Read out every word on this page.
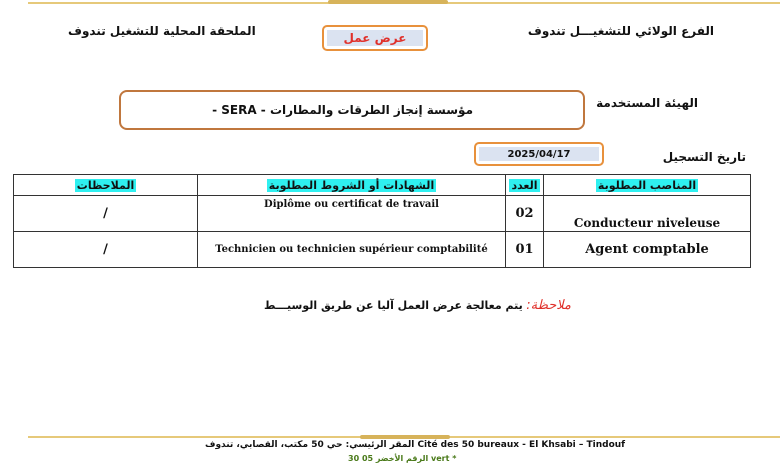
الفرع الولائي للتشغيـــل تندوف
الملحقة المحلية للتشغيل تندوف	عرض عمل
الهيئة المستخدمة
مؤسسة إنجاز الطرقات والمطارات - SERA -
تاريخ التسجيل
2025/04/17
الملاحظات	الشهادات أو الشروط المطلوبة	العدد	المناصب المطلوبة
/	Diplôme ou certificat de travail	02	Conducteur niveleuse
/	Technicien ou technicien supérieur comptabilité	01	Agent comptable
ملاحظة: يتم معالجة عرض العمل آليا عن طريق الوسيـــط
المقر الرئيسي: حي 50 مكتب، القصابي، تندوف Cité des 50 bureaux - El Khsabi – Tindouf
الرقم الأخضر 05 30 vert *
